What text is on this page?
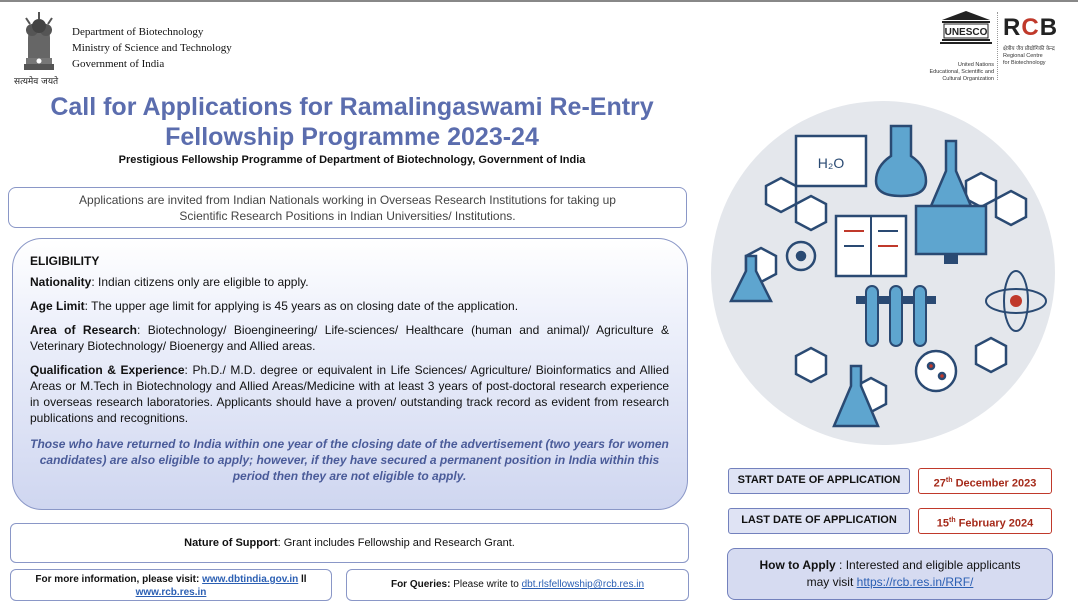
सत्यमेव जयते
Department of Biotechnology
Ministry of Science and Technology
Government of India
UNESCO
United Nations
Educational, Scientific and
Cultural Organization
RCB
क्षेत्रीय जैव प्रौद्योगिकी केन्द्र
Regional Centre
for Biotechnology
Call for Applications for Ramalingaswami Re-Entry
Fellowship Programme 2023-24
Prestigious Fellowship Programme of Department of Biotechnology, Government of India
Applications are invited from Indian Nationals working in Overseas Research Institutions for taking up
Scientific Research Positions in Indian Universities/ Institutions.
ELIGIBILITY
Nationality: Indian citizens only are eligible to apply.
Age Limit: The upper age limit for applying is 45 years as on closing date of the application.
Area of Research: Biotechnology/ Bioengineering/ Life-sciences/ Healthcare (human and animal)/ Agriculture & Veterinary Biotechnology/ Bioenergy and Allied areas.
Qualification & Experience: Ph.D./ M.D. degree or equivalent in Life Sciences/ Agriculture/ Bioinformatics and Allied Areas or M.Tech in Biotechnology and Allied Areas/Medicine with at least 3 years of post-doctoral research experience in overseas research laboratories. Applicants should have a proven/ outstanding track record as evident from research publications and recognitions.
Those who have returned to India within one year of the closing date of the advertisement (two years for women candidates) are also eligible to apply; however, if they have secured a permanent position in India within this period then they are not eligible to apply.
Nature of Support: Grant includes Fellowship and Research Grant.
For more information, please visit: www.dbtindia.gov.in ll
www.rcb.res.in
For Queries: Please write to dbt.rlsfellowship@rcb.res.in
H₂O
START DATE OF APPLICATION	27th December 2023
LAST DATE OF APPLICATION	15th February 2024
How to Apply : Interested and eligible applicants
may visit https://rcb.res.in/RRF/
